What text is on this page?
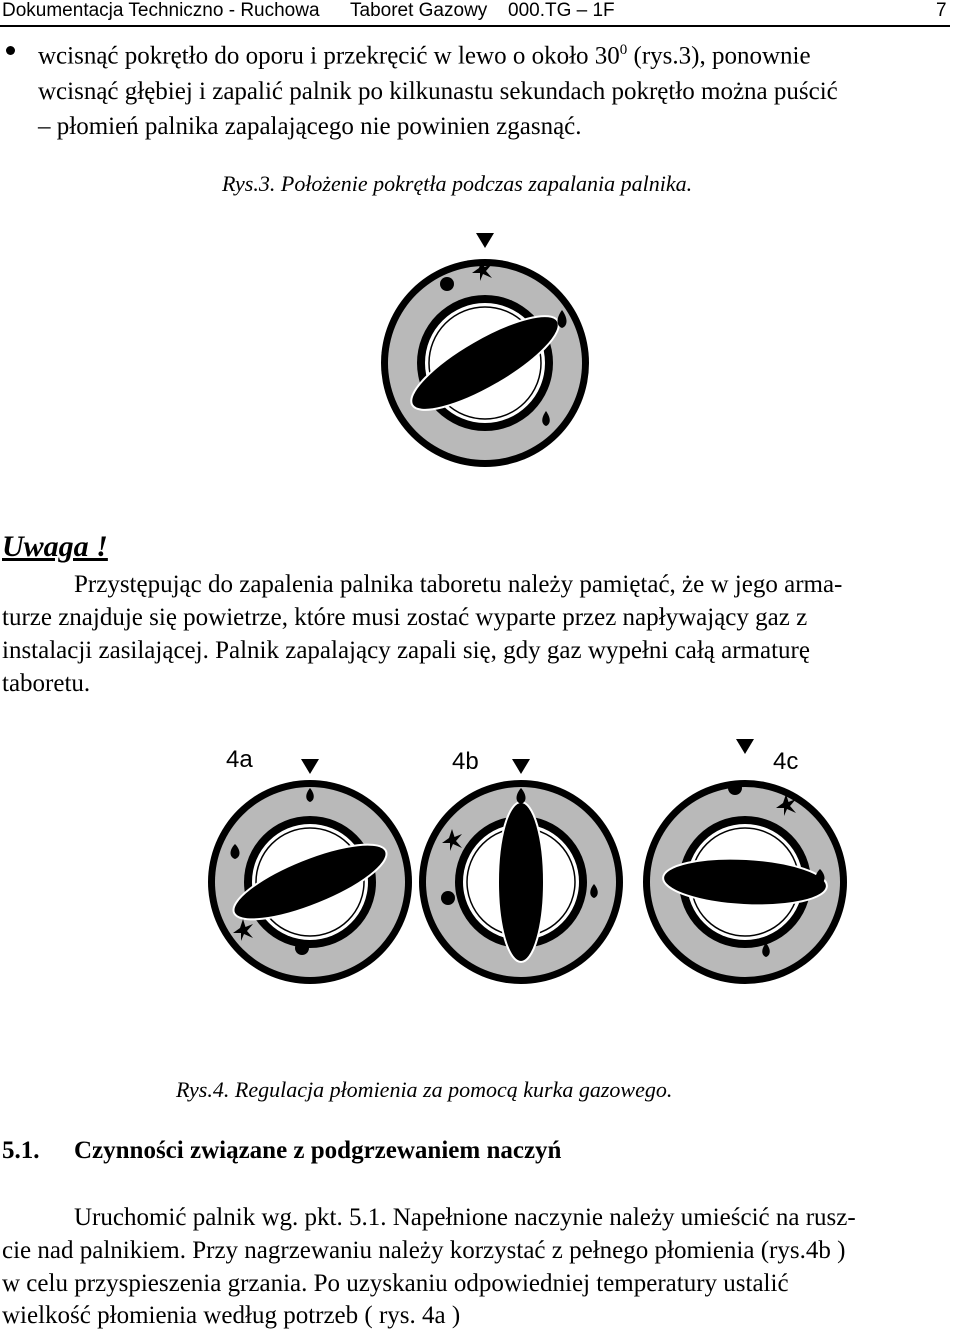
Dokumentacja Techniczno - Ruchowa Taboret Gazowy 000.TG – 1F	7
wcisnąć pokrętło do oporu i przekręcić w lewo o około $30^0$ (rys.3), ponownie
wcisnąć głębiej i zapalić palnik po kilkunastu sekundach pokrętło można puścić
– płomień palnika zapalającego nie powinien zgasnąć.
Rys.3. Położenie pokrętła podczas zapalania palnika.
Uwaga !
Przystępując do zapalenia palnika taboretu należy pamiętać, że w jego arma-
turze znajduje się powietrze, które musi zostać wyparte przez napływający gaz z
instalacji zasilającej. Palnik zapalający zapali się, gdy gaz wypełni całą armaturę
taboretu.
4a	4b	4c
Rys.4. Regulacja płomienia za pomocą kurka gazowego.
5.1. Czynności związane z podgrzewaniem naczyń
Uruchomić palnik wg. pkt. 5.1. Napełnione naczynie należy umieścić na rusz-
cie nad palnikiem. Przy nagrzewaniu należy korzystać z pełnego płomienia (rys.4b )
w celu przyspieszenia grzania. Po uzyskaniu odpowiedniej temperatury ustalić
wielkość płomienia według potrzeb ( rys. 4a )
